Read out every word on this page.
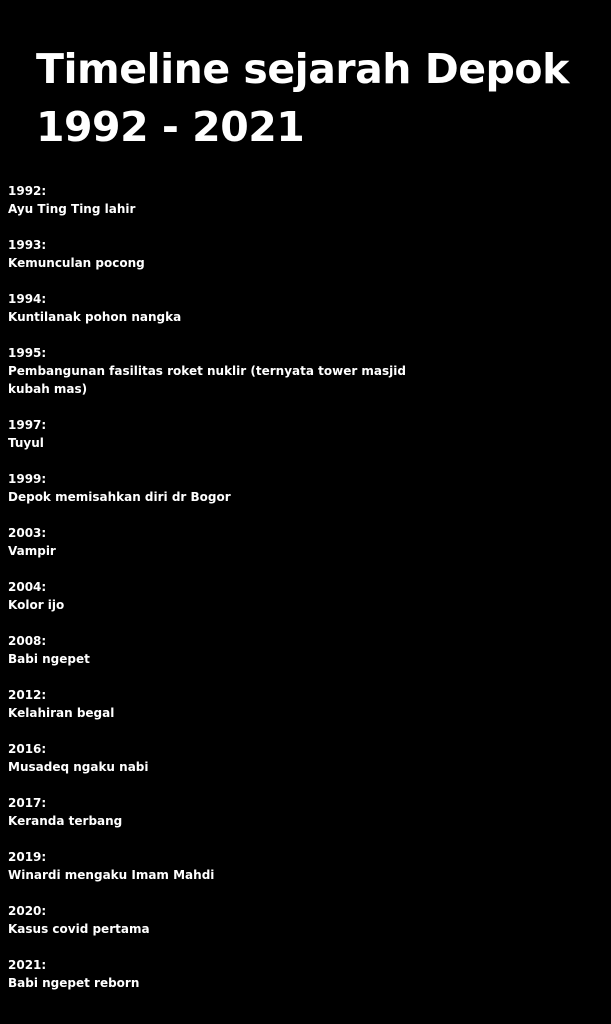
Timeline sejarah Depok
1992 - 2021
1992:
Ayu Ting Ting lahir
1993:
Kemunculan pocong
1994:
Kuntilanak pohon nangka
1995:
Pembangunan fasilitas roket nuklir (ternyata tower masjid kubah mas)
1997:
Tuyul
1999:
Depok memisahkan diri dr Bogor
2003:
Vampir
2004:
Kolor ijo
2008:
Babi ngepet
2012:
Kelahiran begal
2016:
Musadeq ngaku nabi
2017:
Keranda terbang
2019:
Winardi mengaku Imam Mahdi
2020:
Kasus covid pertama
2021:
Babi ngepet reborn
